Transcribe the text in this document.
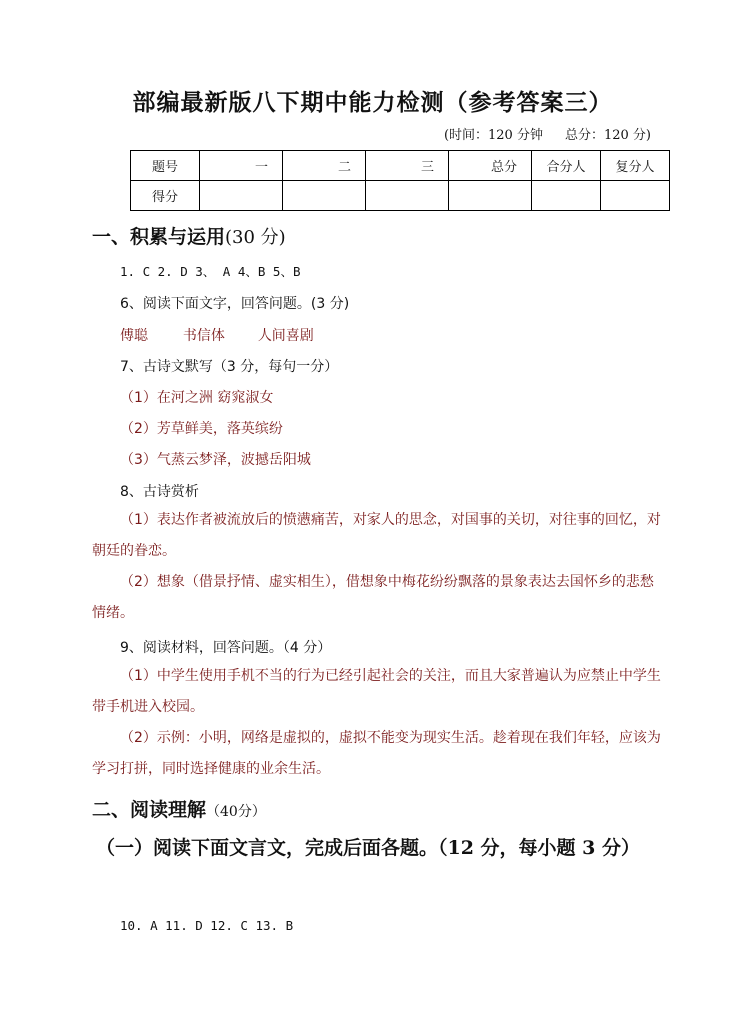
部编最新版八下期中能力检测（参考答案三）
(时间：120 分钟 总分：120 分)
题号	一	二	三	总分	合分人	复分人
得分						
一、积累与运用(30 分)
1. C 2. D 3、 A 4、B 5、B
6、阅读下面文字，回答问题。(3 分)
傅聪 书信体 人间喜剧
7、古诗文默写（3 分，每句一分）
（1）在河之洲 窈窕淑女
（2）芳草鲜美，落英缤纷
（3）气蒸云梦泽，波撼岳阳城
8、古诗赏析
（1）表达作者被流放后的愤懑痛苦，对家人的思念，对国事的关切，对往事的回忆，对朝廷的眷恋。
（2）想象（借景抒情、虚实相生），借想象中梅花纷纷飘落的景象表达去国怀乡的悲愁情绪。
9、阅读材料，回答问题。（4 分）
（1）中学生使用手机不当的行为已经引起社会的关注，而且大家普遍认为应禁止中学生带手机进入校园。
（2）示例：小明，网络是虚拟的，虚拟不能变为现实生活。趁着现在我们年轻，应该为学习打拼，同时选择健康的业余生活。
二、阅读理解（40分）
（一）阅读下面文言文，完成后面各题。（12 分，每小题 3 分）
10. A 11. D 12. C 13. B
